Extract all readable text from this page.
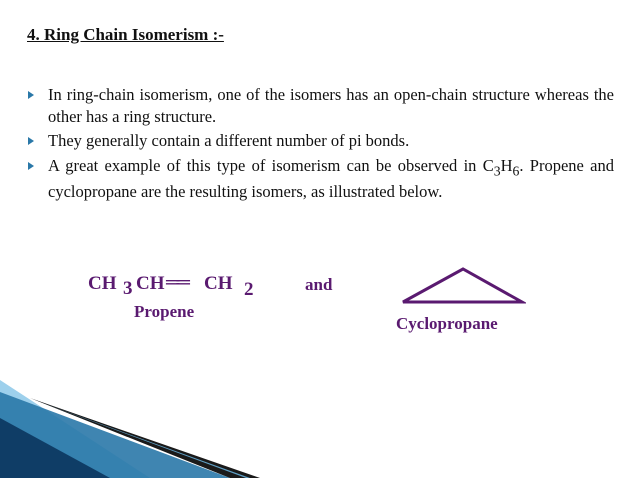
4. Ring Chain Isomerism :-
In ring-chain isomerism, one of the isomers has an open-chain structure whereas the other has a ring structure.
They generally contain a different number of pi bonds.
A great example of this type of isomerism can be observed in $C_3H_6$. Propene and cyclopropane are the resulting isomers, as illustrated below.
CH 3 CH ══ CH 2
Propene
and
Cyclopropane
